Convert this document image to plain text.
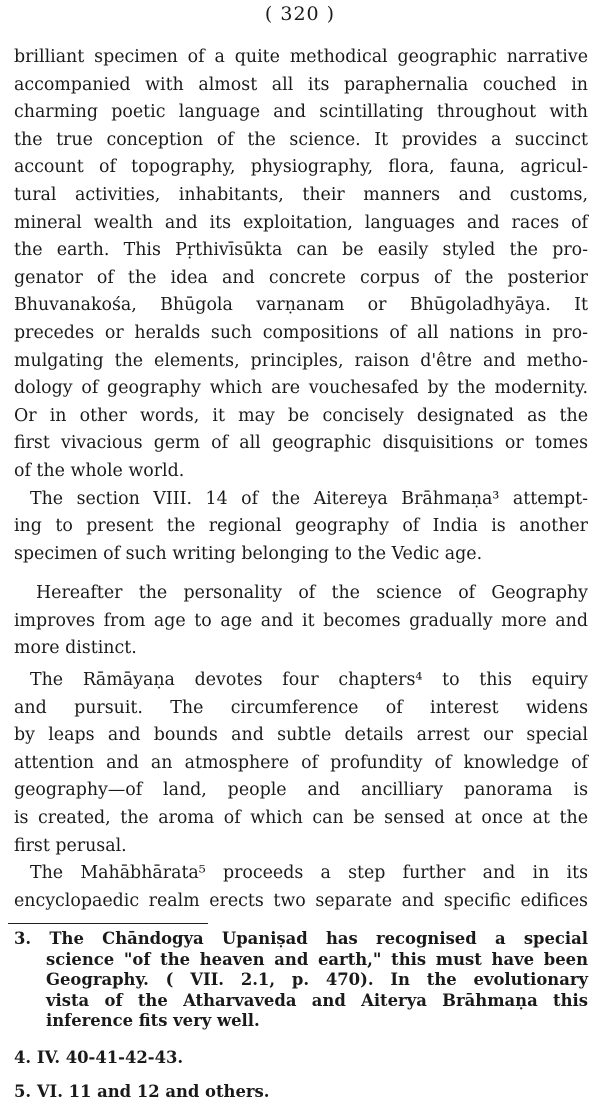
( 320 )
brilliant specimen of a quite methodical geographic narrative
accompanied with almost all its paraphernalia couched in
charming poetic language and scintillating throughout with
the true conception of the science. It provides a succinct
account of topography, physiography, flora, fauna, agricul-
tural activities, inhabitants, their manners and customs,
mineral wealth and its exploitation, languages and races of
the earth. This Pṛthivīsūkta can be easily styled the pro-
genator of the idea and concrete corpus of the posterior
Bhuvanakośa, Bhūgola varṇanam or Bhūgoladhyāya. It
precedes or heralds such compositions of all nations in pro-
mulgating the elements, principles, raison d'être and metho-
dology of geography which are vouchesafed by the modernity.
Or in other words, it may be concisely designated as the
first vivacious germ of all geographic disquisitions or tomes
of the whole world.
The section VIII. 14 of the Aitereya Brāhmaṇa³ attempt-
ing to present the regional geography of India is another
specimen of such writing belonging to the Vedic age.
Hereafter the personality of the science of Geography
improves from age to age and it becomes gradually more and
more distinct.
The Rāmāyaṇa devotes four chapters⁴ to this equiry
and pursuit. The circumference of interest widens
by leaps and bounds and subtle details arrest our special
attention and an atmosphere of profundity of knowledge of
geography—of land, people and ancilliary panorama is
is created, the aroma of which can be sensed at once at the
first perusal.
The Mahābhārata⁵ proceeds a step further and in its
encyclopaedic realm erects two separate and specific edifices
3. The Chāndogya Upaniṣad has recognised a special
science "of the heaven and earth," this must have been
Geography. ( VII. 2.1, p. 470). In the evolutionary
vista of the Atharvaveda and Aiterya Brāhmaṇa this
inference fits very well.
4. IV. 40-41-42-43.
5. VI. 11 and 12 and others.
